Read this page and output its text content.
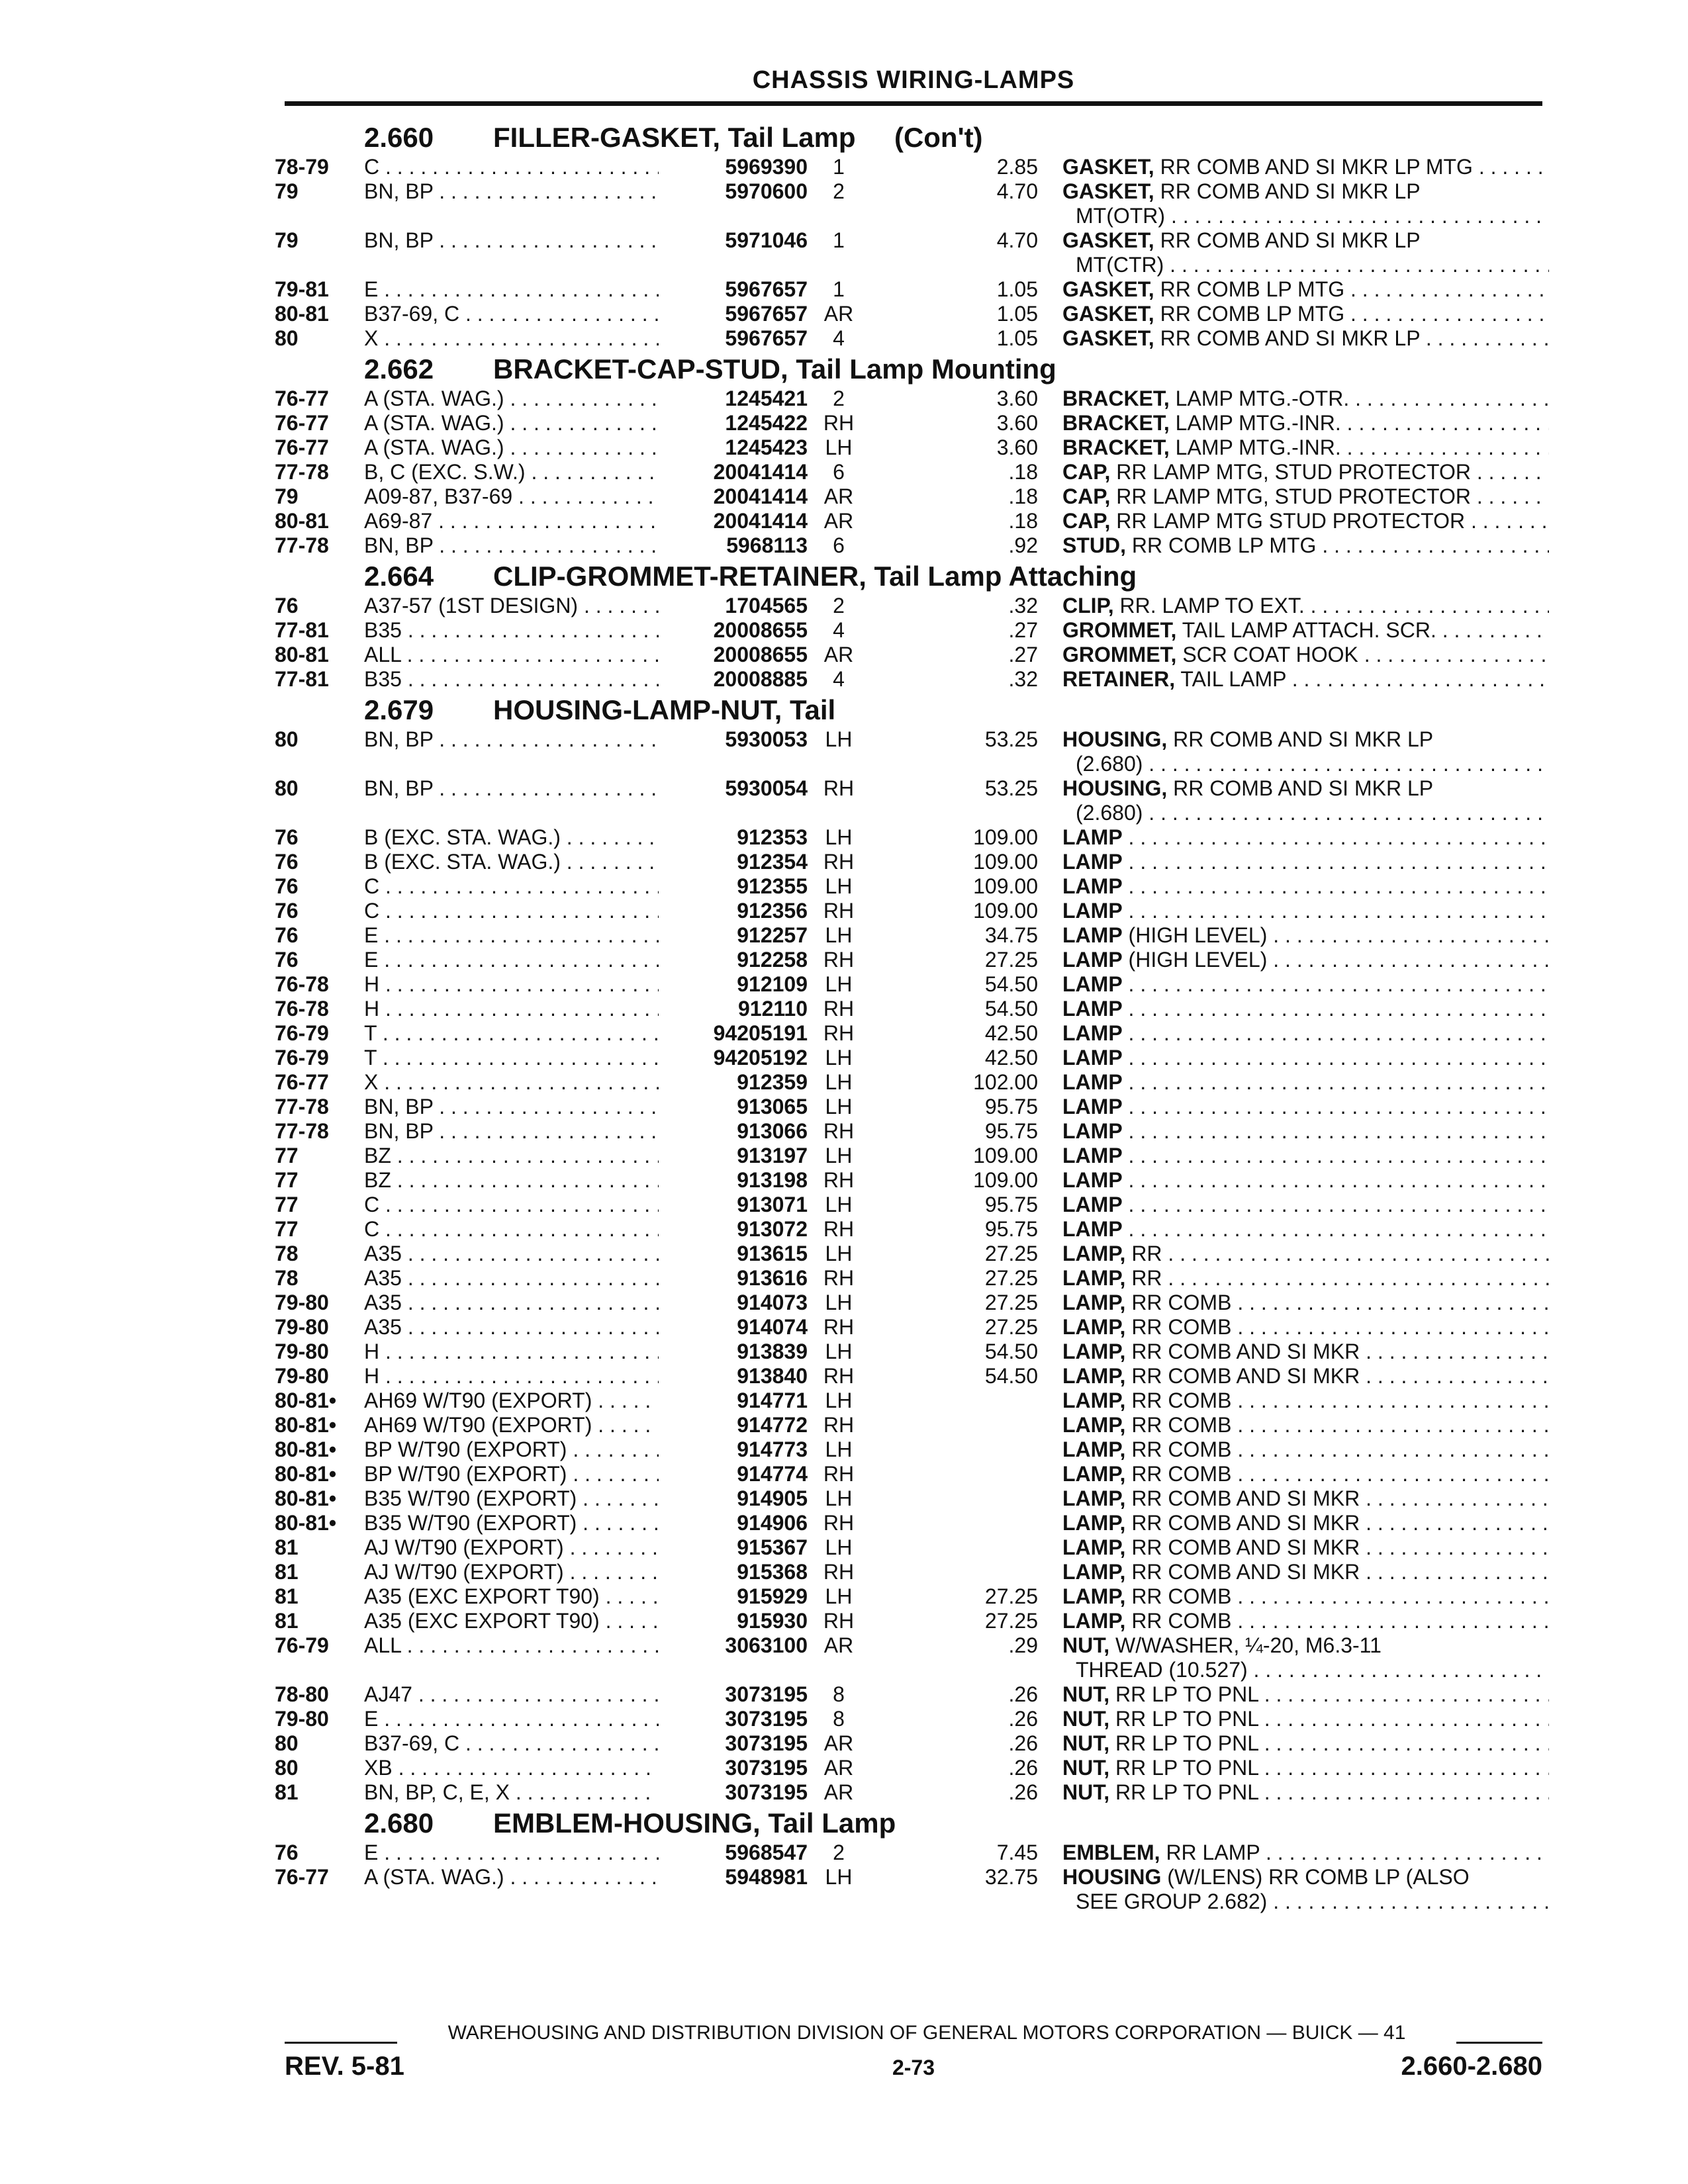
CHASSIS WIRING-LAMPS
2.660 FILLER-GASKET, Tail Lamp (Con't)
78-79	C . . .	5969390	1	2.85 GASKET, RR COMB AND SI MKR LP MTG . . .
79	BN, BP . . .	5970600	2	4.70 GASKET, RR COMB AND SI MKR LP
MT(OTR) . . .
79	BN, BP . . .	5971046	1	4.70 GASKET, RR COMB AND SI MKR LP
MT(CTR) . . .
79-81	E . . .	5967657	1	1.05 GASKET, RR COMB LP MTG . . .
80-81	B37-69, C . . .	5967657 AR	1.05 GASKET, RR COMB LP MTG . . .
80	X . . .	5967657	4	1.05 GASKET, RR COMB AND SI MKR LP . . .
2.662 BRACKET-CAP-STUD, Tail Lamp Mounting
76-77	A (STA. WAG.) . . .	1245421	2	3.60 BRACKET, LAMP MTG.-OTR. . . .
76-77	A (STA. WAG.) . . .	1245422 RH	3.60 BRACKET, LAMP MTG.-INR. . . .
76-77	A (STA. WAG.) . . .	1245423 LH	3.60 BRACKET, LAMP MTG.-INR. . . .
77-78	B, C (EXC. S.W.) . . .	20041414	6	.18 CAP, RR LAMP MTG, STUD PROTECTOR . . .
79	A09-87, B37-69 . . .	20041414 AR	.18 CAP, RR LAMP MTG, STUD PROTECTOR . . .
80-81	A69-87 . . .	20041414 AR	.18 CAP, RR LAMP MTG STUD PROTECTOR . . .
77-78	BN, BP . . .	5968113	6	.92 STUD, RR COMB LP MTG . . .
2.664 CLIP-GROMMET-RETAINER, Tail Lamp Attaching
76	A37-57 (1ST DESIGN) . . .	1704565	2	.32 CLIP, RR. LAMP TO EXT. . . .
77-81	B35 . . .	20008655	4	.27 GROMMET, TAIL LAMP ATTACH. SCR. . . .
80-81	ALL . . .	20008655 AR	.27 GROMMET, SCR COAT HOOK . . .
77-81	B35 . . .	20008885	4	.32 RETAINER, TAIL LAMP . . .
2.679 HOUSING-LAMP-NUT, Tail
80	BN, BP . . .	5930053 LH	53.25 HOUSING, RR COMB AND SI MKR LP
(2.680) . . .
80	BN, BP . . .	5930054 RH	53.25 HOUSING, RR COMB AND SI MKR LP
(2.680) . . .
76	B (EXC. STA. WAG.) . . .	912353 LH	109.00 LAMP . . .
76	B (EXC. STA. WAG.) . . .	912354 RH	109.00 LAMP . . .
76	C . . .	912355 LH	109.00 LAMP . . .
76	C . . .	912356 RH	109.00 LAMP . . .
76	E . . .	912257 LH	34.75 LAMP (HIGH LEVEL) . . .
76	E . . .	912258 RH	27.25 LAMP (HIGH LEVEL) . . .
76-78	H . . .	912109 LH	54.50 LAMP . . .
76-78	H . . .	912110 RH	54.50 LAMP . . .
76-79	T . . .	94205191 RH	42.50 LAMP . . .
76-79	T . . .	94205192 LH	42.50 LAMP . . .
76-77	X . . .	912359 LH	102.00 LAMP . . .
77-78	BN, BP . . .	913065 LH	95.75 LAMP . . .
77-78	BN, BP . . .	913066 RH	95.75 LAMP . . .
77	BZ . . .	913197 LH	109.00 LAMP . . .
77	BZ . . .	913198 RH	109.00 LAMP . . .
77	C . . .	913071 LH	95.75 LAMP . . .
77	C . . .	913072 RH	95.75 LAMP . . .
78	A35 . . .	913615 LH	27.25 LAMP, RR . . .
78	A35 . . .	913616 RH	27.25 LAMP, RR . . .
79-80	A35 . . .	914073 LH	27.25 LAMP, RR COMB . . .
79-80	A35 . . .	914074 RH	27.25 LAMP, RR COMB . . .
79-80	H . . .	913839 LH	54.50 LAMP, RR COMB AND SI MKR . . .
79-80	H . . .	913840 RH	54.50 LAMP, RR COMB AND SI MKR . . .
80-81•	AH69 W/T90 (EXPORT) . . .	914771 LH	LAMP, RR COMB . . .
80-81•	AH69 W/T90 (EXPORT) . . .	914772 RH	LAMP, RR COMB . . .
80-81•	BP W/T90 (EXPORT) . . .	914773 LH	LAMP, RR COMB . . .
80-81•	BP W/T90 (EXPORT) . . .	914774 RH	LAMP, RR COMB . . .
80-81•	B35 W/T90 (EXPORT) . . .	914905 LH	LAMP, RR COMB AND SI MKR . . .
80-81•	B35 W/T90 (EXPORT) . . .	914906 RH	LAMP, RR COMB AND SI MKR . . .
81	AJ W/T90 (EXPORT) . . .	915367 LH	LAMP, RR COMB AND SI MKR . . .
81	AJ W/T90 (EXPORT) . . .	915368 RH	LAMP, RR COMB AND SI MKR . . .
81	A35 (EXC EXPORT T90) . . .	915929 LH	27.25 LAMP, RR COMB . . .
81	A35 (EXC EXPORT T90) . . .	915930 RH	27.25 LAMP, RR COMB . . .
76-79	ALL . . .	3063100 AR	.29 NUT, W/WASHER, ¼-20, M6.3-11
THREAD (10.527) . . .
78-80	AJ47 . . .	3073195	8	.26 NUT, RR LP TO PNL . . .
79-80	E . . .	3073195	8	.26 NUT, RR LP TO PNL . . .
80	B37-69, C . . .	3073195 AR	.26 NUT, RR LP TO PNL . . .
80	XB . . .	3073195 AR	.26 NUT, RR LP TO PNL . . .
81	BN, BP, C, E, X . . .	3073195 AR	.26 NUT, RR LP TO PNL . . .
2.680 EMBLEM-HOUSING, Tail Lamp
76	E . . .	5968547	2	7.45 EMBLEM, RR LAMP . . .
76-77	A (STA. WAG.) . . .	5948981 LH	32.75 HOUSING (W/LENS) RR COMB LP (ALSO
SEE GROUP 2.682) . . .
WAREHOUSING AND DISTRIBUTION DIVISION OF GENERAL MOTORS CORPORATION — BUICK — 41
REV. 5-81	2-73	2.660-2.680
